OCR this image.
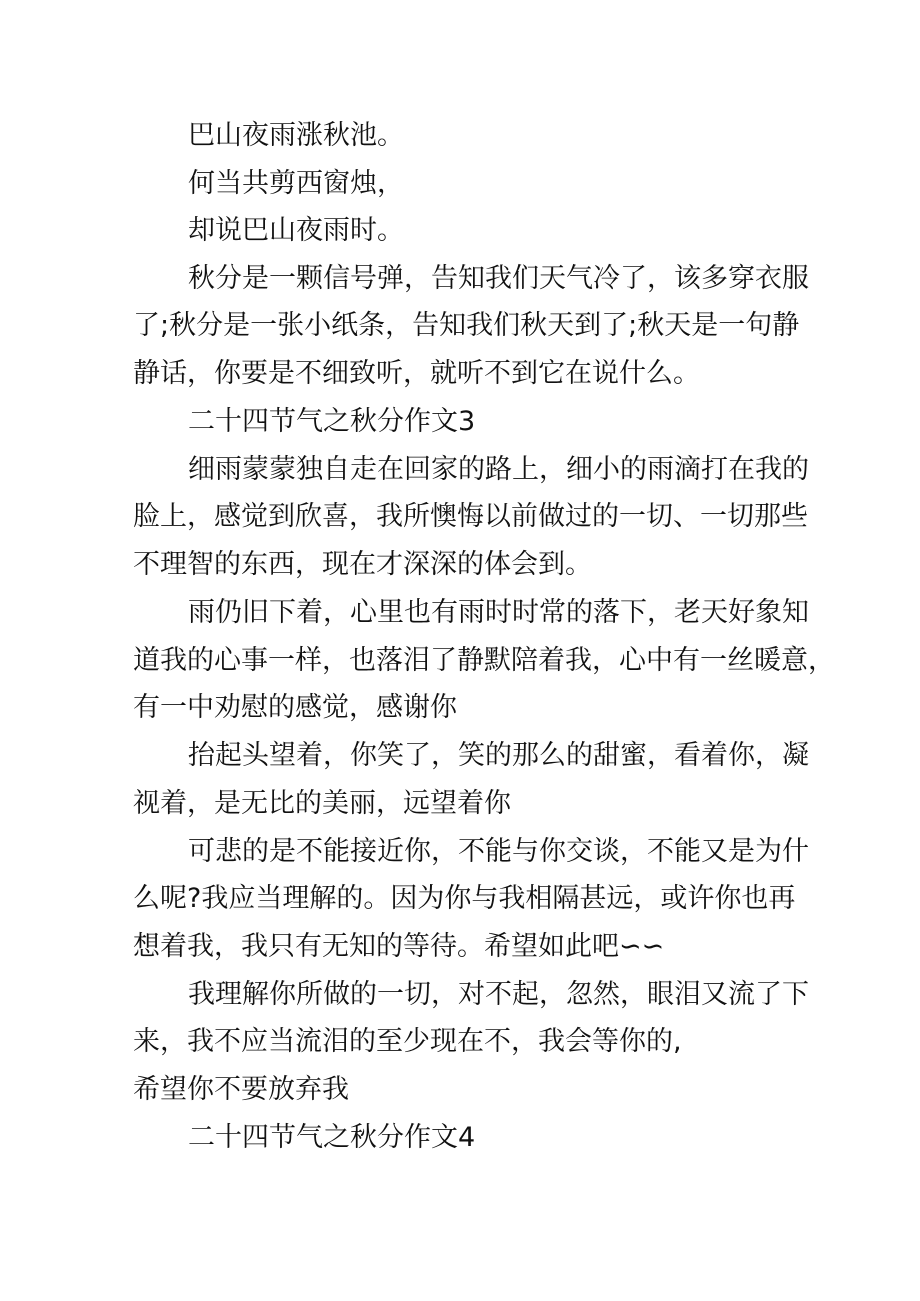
巴山夜雨涨秋池。
何当共剪西窗烛，
却说巴山夜雨时。
秋分是一颗信号弹，告知我们天气冷了，该多穿衣服
了;秋分是一张小纸条，告知我们秋天到了;秋天是一句静
静话，你要是不细致听，就听不到它在说什么。
二十四节气之秋分作文3
细雨蒙蒙独自走在回家的路上，细小的雨滴打在我的
脸上，感觉到欣喜，我所懊悔以前做过的一切、一切那些
不理智的东西，现在才深深的体会到。
雨仍旧下着，心里也有雨时时常的落下，老天好象知
道我的心事一样，也落泪了静默陪着我，心中有一丝暖意，
有一中劝慰的感觉，感谢你
抬起头望着，你笑了，笑的那么的甜蜜，看着你，凝
视着，是无比的美丽，远望着你
可悲的是不能接近你，不能与你交谈，不能又是为什
么呢?我应当理解的。因为你与我相隔甚远，或许你也再
想着我，我只有无知的等待。希望如此吧∽∽
我理解你所做的一切，对不起，忽然，眼泪又流了下
来，我不应当流泪的至少现在不，我会等你的,
希望你不要放弃我
二十四节气之秋分作文4
